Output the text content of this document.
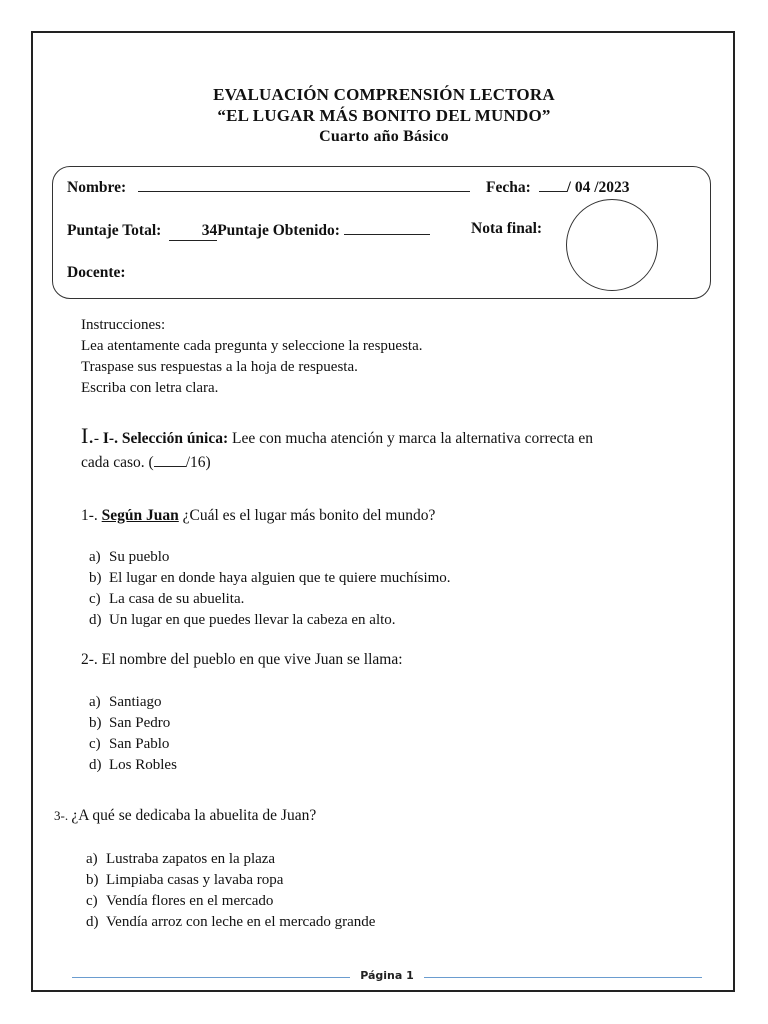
EVALUACIÓN COMPRENSIÓN LECTORA
“EL LUGAR MÁS BONITO DEL MUNDO”
Cuarto año Básico
Nombre:	Fecha: / 04 /2023
Puntaje Total:	34Puntaje Obtenido:	Nota final:
Docente:
Instrucciones:
Lea atentamente cada pregunta y seleccione la respuesta.
Traspase sus respuestas a la hoja de respuesta.
Escriba con letra clara.
I.- I-. Selección única: Lee con mucha atención y marca la alternativa correcta en
cada caso. ( /16)
1-. Según Juan ¿Cuál es el lugar más bonito del mundo?
a) Su pueblo
b) El lugar en donde haya alguien que te quiere muchísimo.
c) La casa de su abuelita.
d) Un lugar en que puedes llevar la cabeza en alto.
2-. El nombre del pueblo en que vive Juan se llama:
a) Santiago
b) San Pedro
c) San Pablo
d) Los Robles
3-. ¿A qué se dedicaba la abuelita de Juan?
a) Lustraba zapatos en la plaza
b) Limpiaba casas y lavaba ropa
c) Vendía flores en el mercado
d) Vendía arroz con leche en el mercado grande
Página 1
